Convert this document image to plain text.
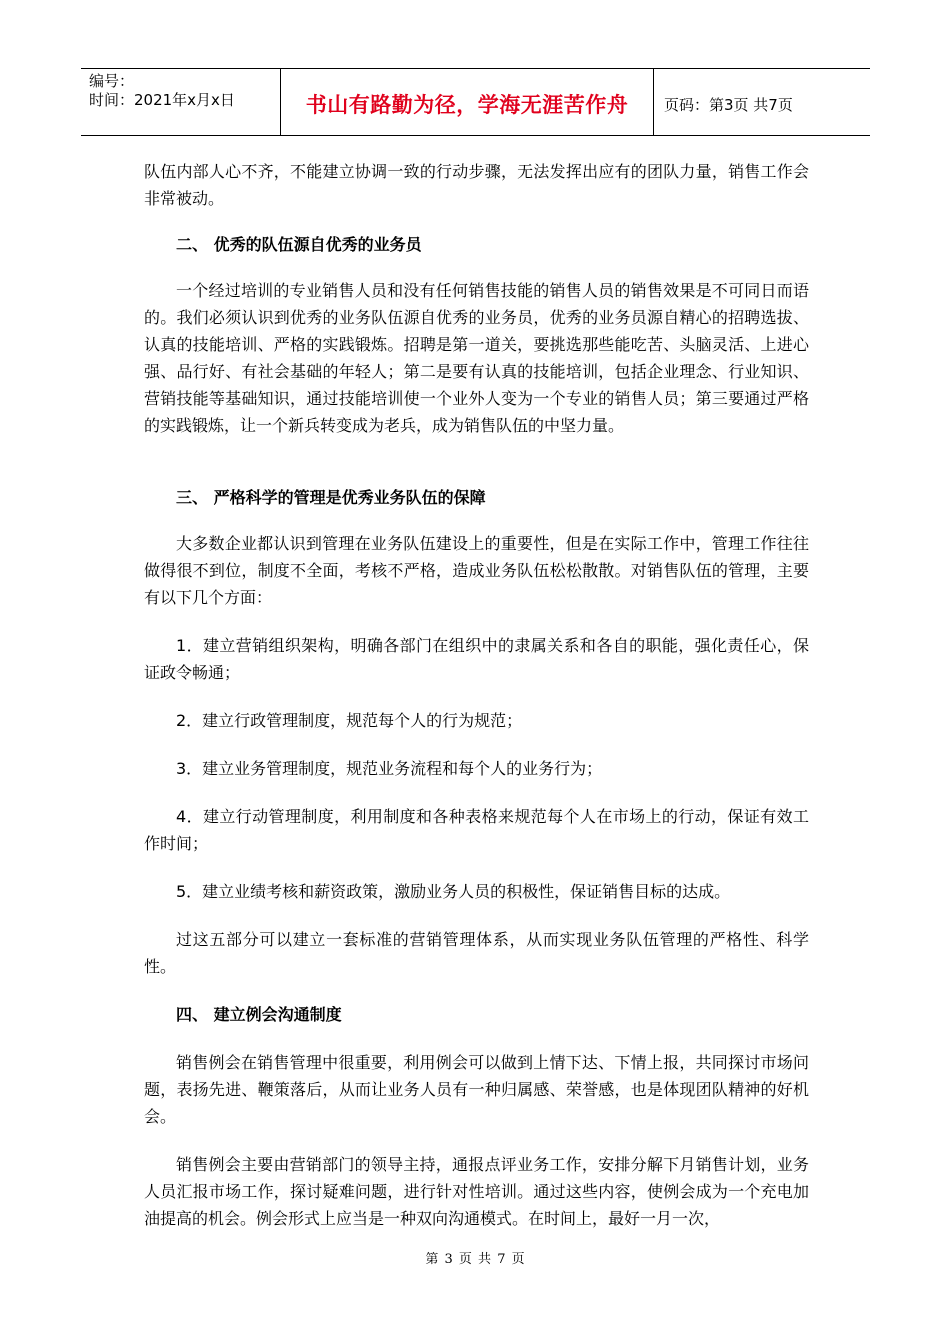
编号：
时间：2021年x月x日	书山有路勤为径，学海无涯苦作舟	页码：第3页 共7页

队伍内部人心不齐，不能建立协调一致的行动步骤，无法发挥出应有的团队力量，销售工作会非常被动。

二、 优秀的队伍源自优秀的业务员

一个经过培训的专业销售人员和没有任何销售技能的销售人员的销售效果是不可同日而语的。我们必须认识到优秀的业务队伍源自优秀的业务员，优秀的业务员源自精心的招聘选拔、认真的技能培训、严格的实践锻炼。招聘是第一道关，要挑选那些能吃苦、头脑灵活、上进心强、品行好、有社会基础的年轻人；第二是要有认真的技能培训，包括企业理念、行业知识、营销技能等基础知识，通过技能培训使一个业外人变为一个专业的销售人员；第三要通过严格的实践锻炼，让一个新兵转变成为老兵，成为销售队伍的中坚力量。

三、 严格科学的管理是优秀业务队伍的保障

大多数企业都认识到管理在业务队伍建设上的重要性，但是在实际工作中，管理工作往往做得很不到位，制度不全面，考核不严格，造成业务队伍松松散散。对销售队伍的管理，主要有以下几个方面：

1．建立营销组织架构，明确各部门在组织中的隶属关系和各自的职能，强化责任心，保证政令畅通；

2．建立行政管理制度，规范每个人的行为规范；

3．建立业务管理制度，规范业务流程和每个人的业务行为；

4．建立行动管理制度，利用制度和各种表格来规范每个人在市场上的行动，保证有效工作时间；

5．建立业绩考核和薪资政策，激励业务人员的积极性，保证销售目标的达成。

过这五部分可以建立一套标准的营销管理体系，从而实现业务队伍管理的严格性、科学性。

四、 建立例会沟通制度

销售例会在销售管理中很重要，利用例会可以做到上情下达、下情上报，共同探讨市场问题，表扬先进、鞭策落后，从而让业务人员有一种归属感、荣誉感，也是体现团队精神的好机会。

销售例会主要由营销部门的领导主持，通报点评业务工作，安排分解下月销售计划，业务人员汇报市场工作，探讨疑难问题，进行针对性培训。通过这些内容，使例会成为一个充电加油提高的机会。例会形式上应当是一种双向沟通模式。在时间上，最好一月一次，

第 3 页 共 7 页
